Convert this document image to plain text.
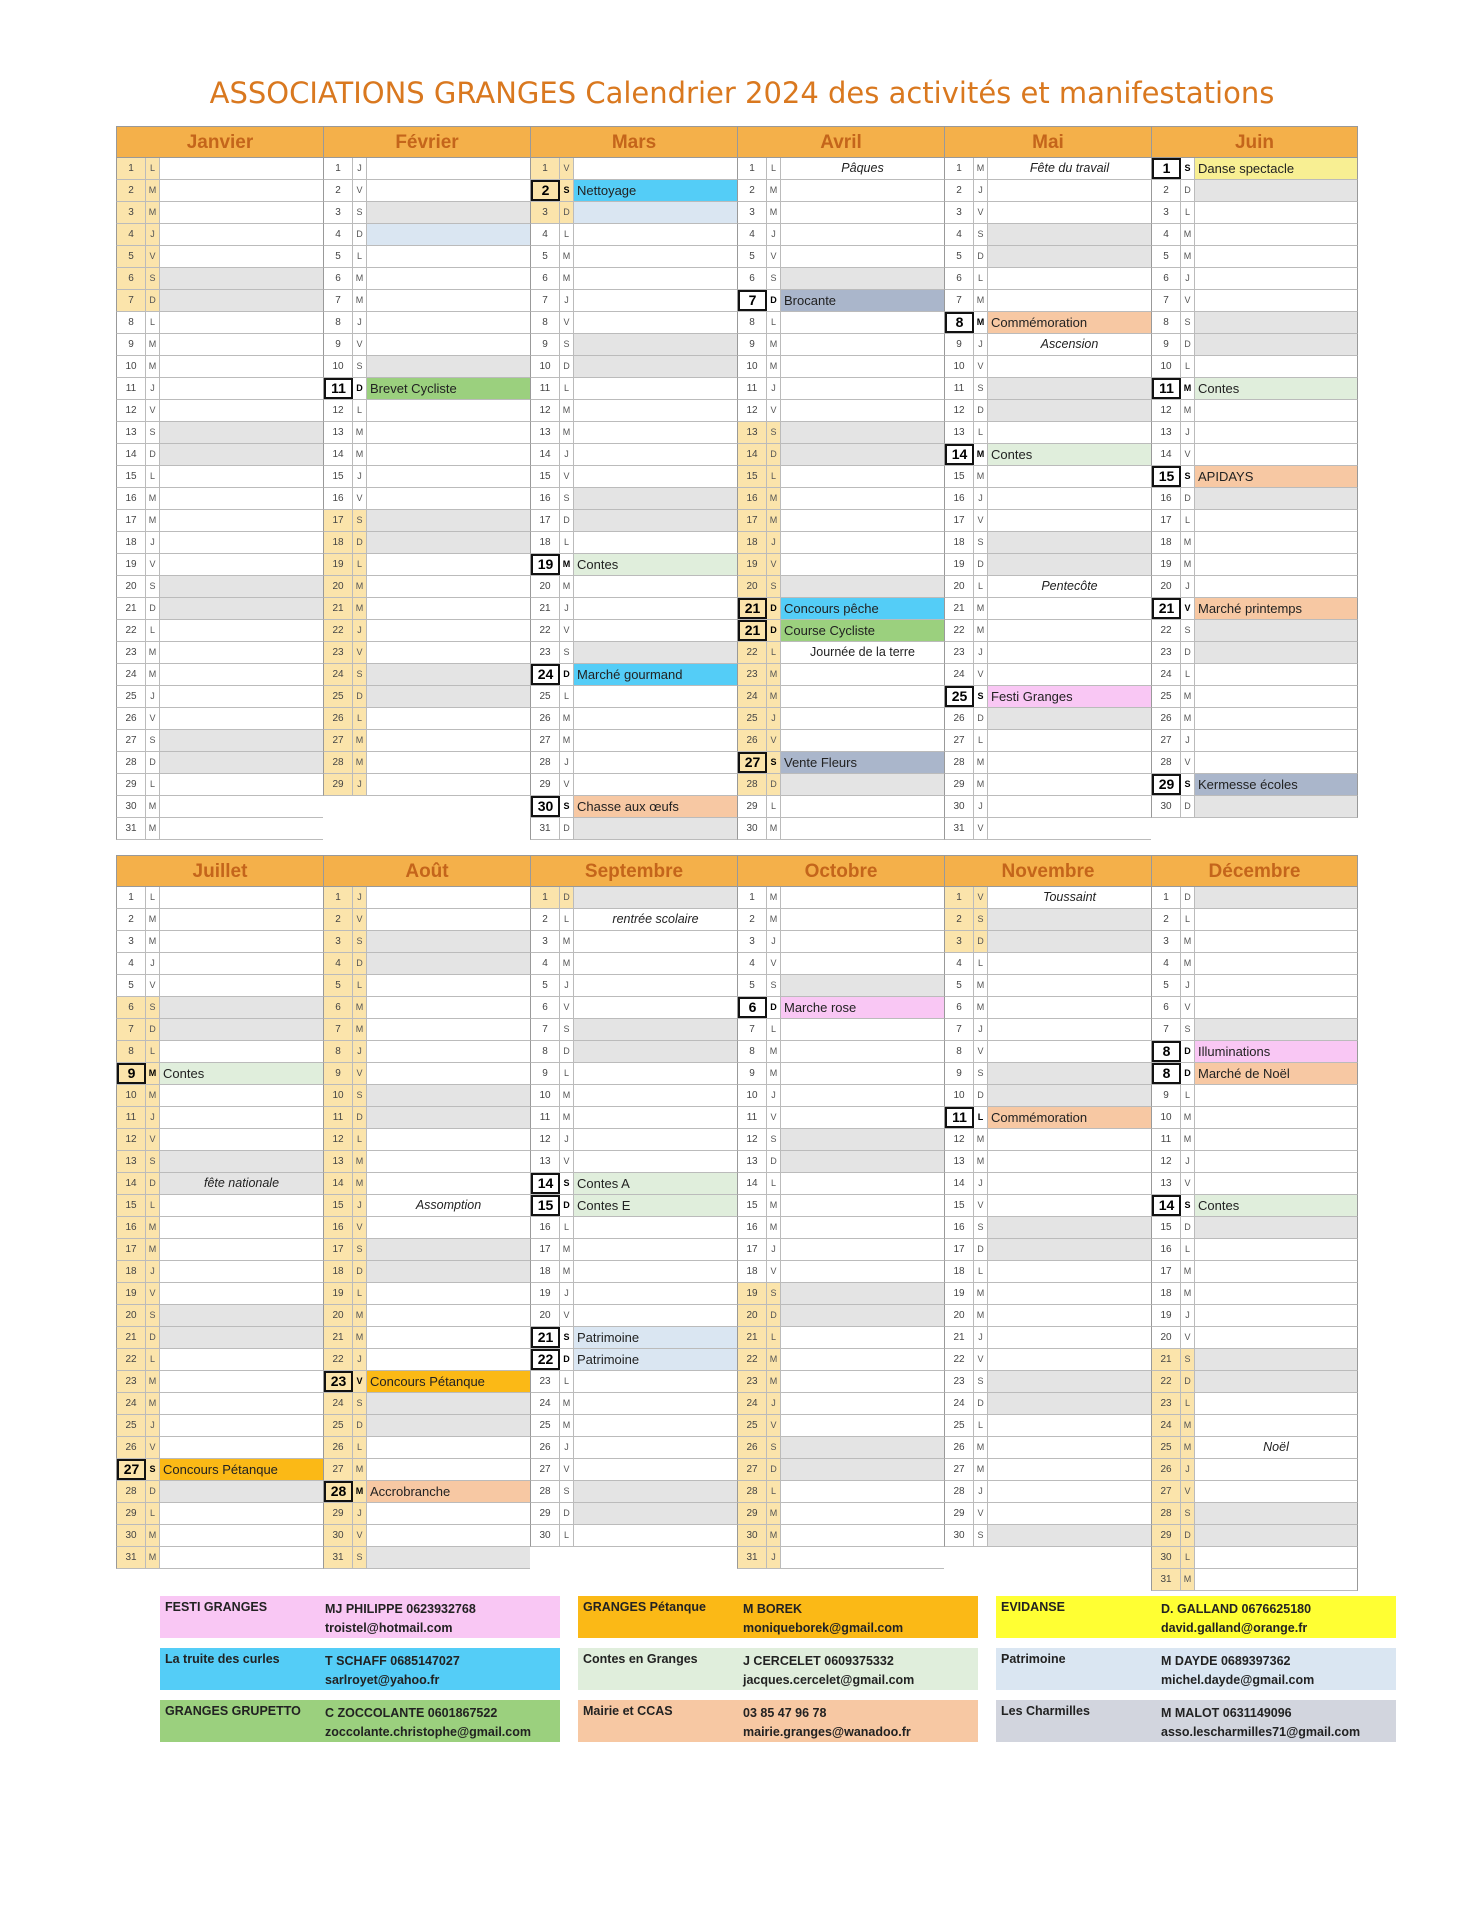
ASSOCIATIONS GRANGES Calendrier 2024 des activités et manifestations
Janvier
1	L
2	M
3	M
4	J
5	V
6	S
7	D
8	L
9	M
10	M
11	J
12	V
13	S
14	D
15	L
16	M
17	M
18	J
19	V
20	S
21	D
22	L
23	M
24	M
25	J
26	V
27	S
28	D
29	L
30	M
31	M
Février
1	J
2	V
3	S
4	D
5	L
6	M
7	M
8	J
9	V
10	S
11	D Brevet Cycliste
12	L
13	M
14	M
15	J
16	V
17	S
18	D
19	L
20	M
21	M
22	J
23	V
24	S
25	D
26	L
27	M
28	M
29	J
Mars
1	V
2	S Nettoyage
3	D
4	L
5	M
6	M
7	J
8	V
9	S
10	D
11	L
12	M
13	M
14	J
15	V
16	S
17	D
18	L
19	M Contes
20	M
21	J
22	V
23	S
24	D Marché gourmand
25	L
26	M
27	M
28	J
29	V
30	S Chasse aux œufs
31	D
Avril
1	L	Pâques
2	M
3	M
4	J
5	V
6	S
7	D Brocante
8	L
9	M
10	M
11	J
12	V
13	S
14	D
15	L
16	M
17	M
18	J
19	V
20	S
21	D Concours pêche
21	D Course Cycliste
22	L	Journée de la terre
23	M
24	M
25	J
26	V
27	S Vente Fleurs
28	D
29	L
30	M
Mai
1	M	Fête du travail
2	J
3	V
4	S
5	D
6	L
7	M
8	M Commémoration
9	J	Ascension
10	V
11	S
12	D
13	L
14	M Contes
15	M
16	J
17	V
18	S
19	D
20	L	Pentecôte
21	M
22	M
23	J
24	V
25	S Festi Granges
26	D
27	L
28	M
29	M
30	J
31	V
Juin
1	S Danse spectacle
2	D
3	L
4	M
5	M
6	J
7	V
8	S
9	D
10	L
11	M Contes
12	M
13	J
14	V
15	S APIDAYS
16	D
17	L
18	M
19	M
20	J
21	V Marché printemps
22	S
23	D
24	L
25	M
26	M
27	J
28	V
29	S Kermesse écoles
30	D
Juillet
1	L
2	M
3	M
4	J
5	V
6	S
7	D
8	L
9	M Contes
10	M
11	J
12	V
13	S
14	D	fête nationale
15	L
16	M
17	M
18	J
19	V
20	S
21	D
22	L
23	M
24	M
25	J
26	V
27	S Concours Pétanque
28	D
29	L
30	M
31	M
Août
1	J
2	V
3	S
4	D
5	L
6	M
7	M
8	J
9	V
10	S
11	D
12	L
13	M
14	M
15	J	Assomption
16	V
17	S
18	D
19	L
20	M
21	M
22	J
23	V Concours Pétanque
24	S
25	D
26	L
27	M
28	M Accrobranche
29	J
30	V
31	S
Septembre
1	D
2	L	rentrée scolaire
3	M
4	M
5	J
6	V
7	S
8	D
9	L
10	M
11	M
12	J
13	V
14	S Contes A
15	D Contes E
16	L
17	M
18	M
19	J
20	V
21	S Patrimoine
22	D Patrimoine
23	L
24	M
25	M
26	J
27	V
28	S
29	D
30	L
Octobre
1	M
2	M
3	J
4	V
5	S
6	D Marche rose
7	L
8	M
9	M
10	J
11	V
12	S
13	D
14	L
15	M
16	M
17	J
18	V
19	S
20	D
21	L
22	M
23	M
24	J
25	V
26	S
27	D
28	L
29	M
30	M
31	J
Novembre
1	V	Toussaint
2	S
3	D
4	L
5	M
6	M
7	J
8	V
9	S
10	D
11	L Commémoration
12	M
13	M
14	J
15	V
16	S
17	D
18	L
19	M
20	M
21	J
22	V
23	S
24	D
25	L
26	M
27	M
28	J
29	V
30	S
Décembre
1	D
2	L
3	M
4	M
5	J
6	V
7	S
8	D Illuminations
8	D Marché de Noël
9	L
10	M
11	M
12	J
13	V
14	S Contes
15	D
16	L
17	M
18	M
19	J
20	V
21	S
22	D
23	L
24	M
25	M	Noël
26	J
27	V
28	S
29	D
30	L
31	M
FESTI GRANGES	MJ PHILIPPE 0623932768
troistel@hotmail.com
GRANGES Pétanque	M BOREK
moniqueborek@gmail.com
EVIDANSE	D. GALLAND 0676625180
david.galland@orange.fr
La truite des curles	T SCHAFF 0685147027
sarlroyet@yahoo.fr
Contes en Granges	J CERCELET 0609375332
jacques.cercelet@gmail.com
Patrimoine	M DAYDE 0689397362
michel.dayde@gmail.com
GRANGES GRUPETTO C ZOCCOLANTE 0601867522
zoccolante.christophe@gmail.com
Mairie et CCAS	03 85 47 96 78
mairie.granges@wanadoo.fr
Les Charmilles	M MALOT 0631149096
asso.lescharmilles71@gmail.com
